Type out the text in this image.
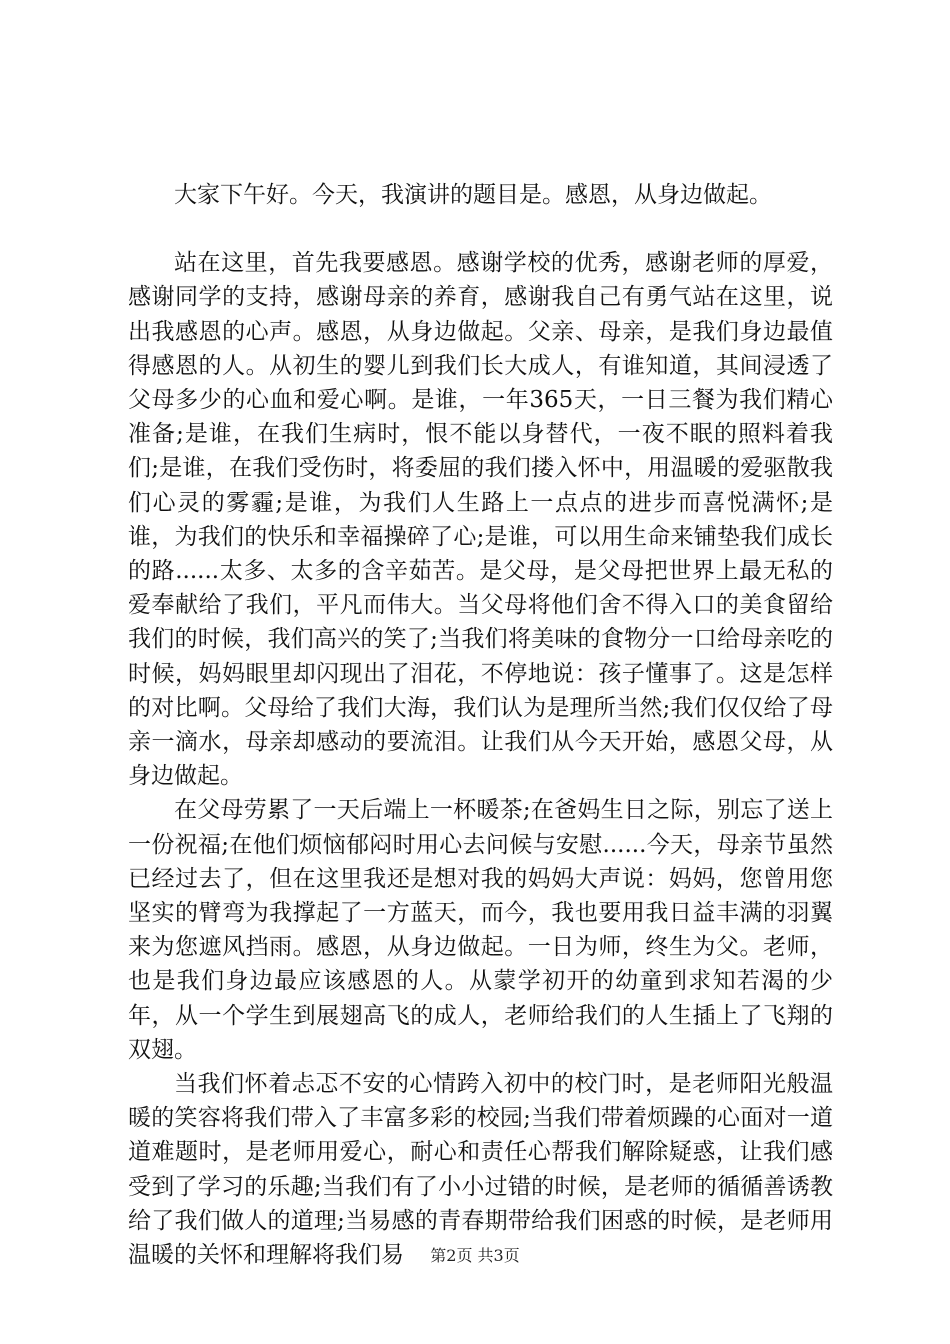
大家下午好。今天，我演讲的题目是。感恩，从身边做起。

站在这里，首先我要感恩。感谢学校的优秀，感谢老师的厚爱，感谢同学的支持，感谢母亲的养育，感谢我自己有勇气站在这里，说出我感恩的心声。感恩，从身边做起。父亲、母亲，是我们身边最值得感恩的人。从初生的婴儿到我们长大成人，有谁知道，其间浸透了父母多少的心血和爱心啊。是谁，一年365天，一日三餐为我们精心准备;是谁，在我们生病时，恨不能以身替代，一夜不眠的照料着我们;是谁，在我们受伤时，将委屈的我们搂入怀中，用温暖的爱驱散我们心灵的雾霾;是谁，为我们人生路上一点点的进步而喜悦满怀;是谁，为我们的快乐和幸福操碎了心;是谁，可以用生命来铺垫我们成长的路......太多、太多的含辛茹苦。是父母，是父母把世界上最无私的爱奉献给了我们，平凡而伟大。当父母将他们舍不得入口的美食留给我们的时候，我们高兴的笑了;当我们将美味的食物分一口给母亲吃的时候，妈妈眼里却闪现出了泪花，不停地说：孩子懂事了。这是怎样的对比啊。父母给了我们大海，我们认为是理所当然;我们仅仅给了母亲一滴水，母亲却感动的要流泪。让我们从今天开始，感恩父母，从身边做起。

在父母劳累了一天后端上一杯暖茶;在爸妈生日之际，别忘了送上一份祝福;在他们烦恼郁闷时用心去问候与安慰......今天，母亲节虽然已经过去了，但在这里我还是想对我的妈妈大声说：妈妈，您曾用您坚实的臂弯为我撑起了一方蓝天，而今，我也要用我日益丰满的羽翼来为您遮风挡雨。感恩，从身边做起。一日为师，终生为父。老师，也是我们身边最应该感恩的人。从蒙学初开的幼童到求知若渴的少年，从一个学生到展翅高飞的成人，老师给我们的人生插上了飞翔的双翅。

当我们怀着忐忑不安的心情跨入初中的校门时，是老师阳光般温暖的笑容将我们带入了丰富多彩的校园;当我们带着烦躁的心面对一道道难题时，是老师用爱心，耐心和责任心帮我们解除疑惑，让我们感受到了学习的乐趣;当我们有了小小过错的时候，是老师的循循善诱教给了我们做人的道理;当易感的青春期带给我们困惑的时候，是老师用温暖的关怀和理解将我们易	第2页 共3页
